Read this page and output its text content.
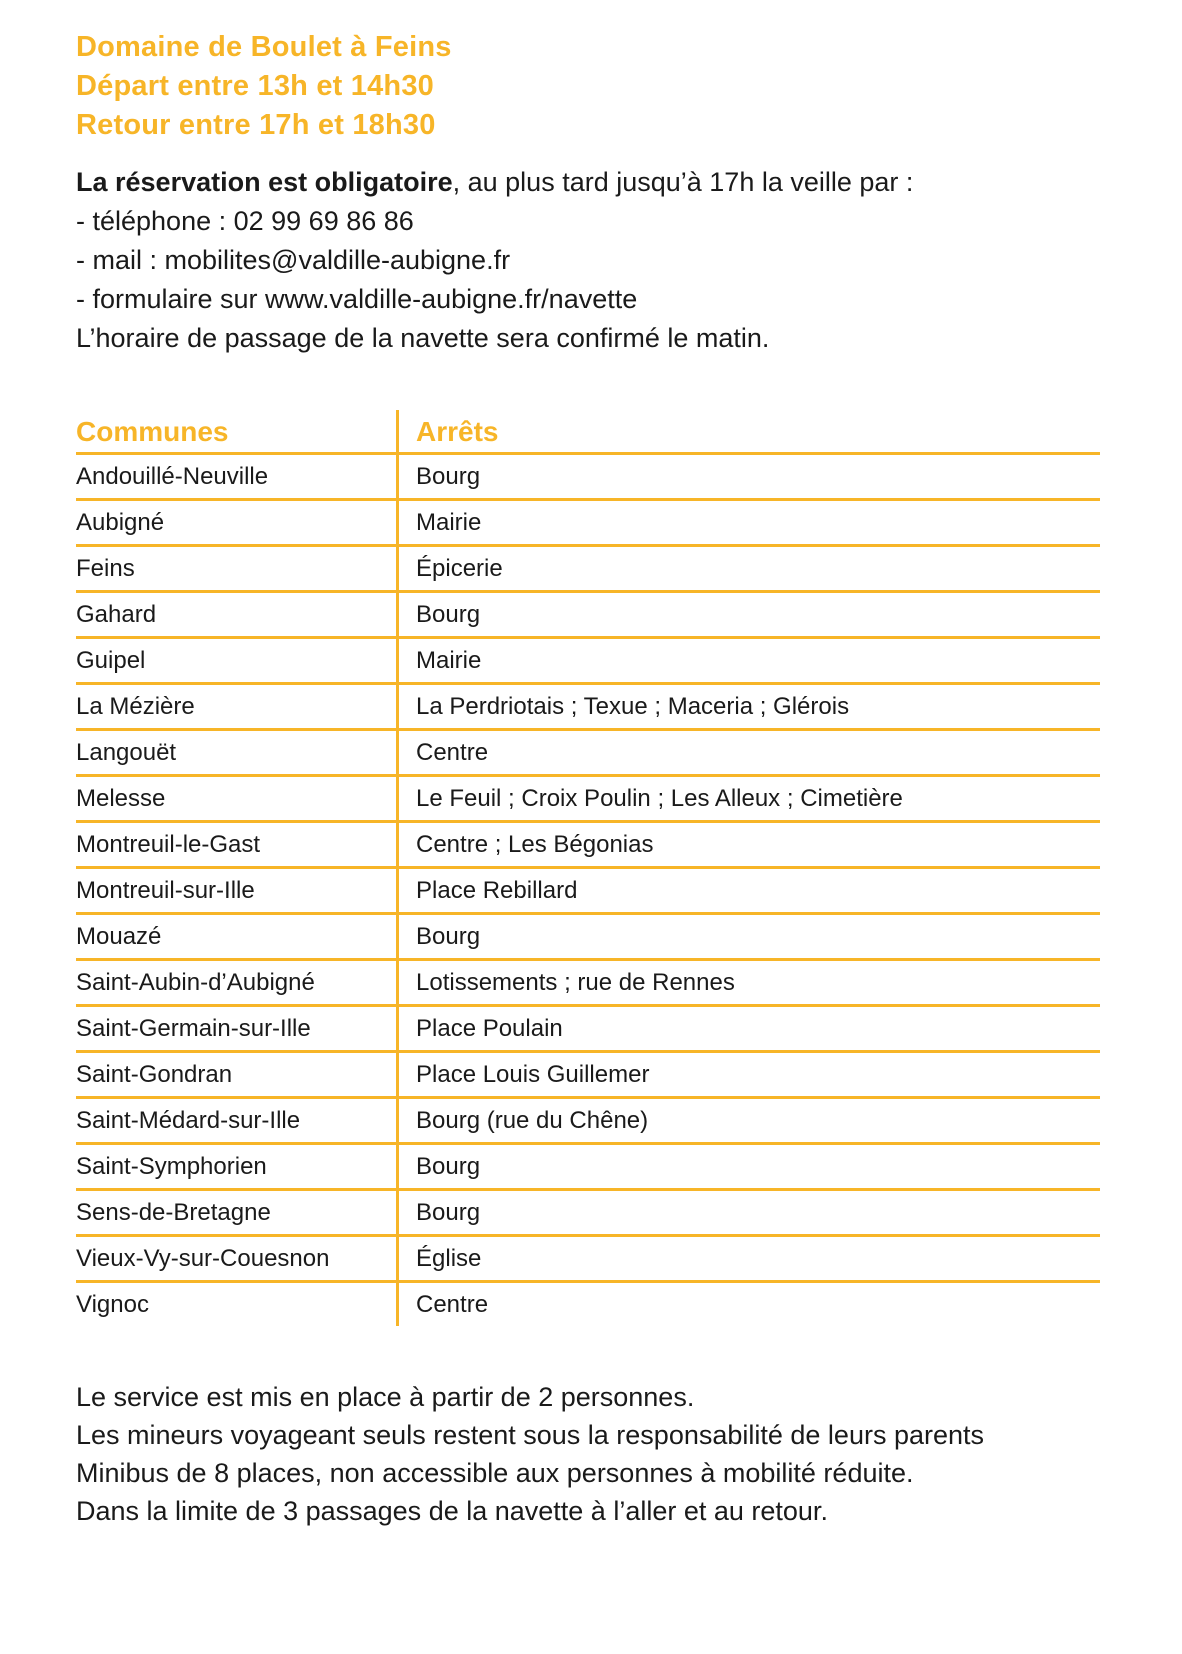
Domaine de Boulet à Feins
Départ entre 13h et 14h30
Retour entre 17h et 18h30

La réservation est obligatoire, au plus tard jusqu’à 17h la veille par :

- téléphone : 02 99 69 86 86

- mail : mobilites@valdille-aubigne.fr

- formulaire sur www.valdille-aubigne.fr/navette

L’horaire de passage de la navette sera confirmé le matin.

Communes	Arrêts
Andouillé-Neuville	Bourg
Aubigné	Mairie
Feins	Épicerie
Gahard	Bourg
Guipel	Mairie
La Mézière	La Perdriotais ; Texue ; Maceria ; Glérois
Langouët	Centre
Melesse	Le Feuil ; Croix Poulin ; Les Alleux ; Cimetière
Montreuil-le-Gast	Centre ; Les Bégonias
Montreuil-sur-Ille	Place Rebillard
Mouazé	Bourg
Saint-Aubin-d’Aubigné	Lotissements ; rue de Rennes
Saint-Germain-sur-Ille	Place Poulain
Saint-Gondran	Place Louis Guillemer
Saint-Médard-sur-Ille	Bourg (rue du Chêne)
Saint-Symphorien	Bourg
Sens-de-Bretagne	Bourg
Vieux-Vy-sur-Couesnon	Église
Vignoc	Centre

Le service est mis en place à partir de 2 personnes.

Les mineurs voyageant seuls restent sous la responsabilité de leurs parents

Minibus de 8 places, non accessible aux personnes à mobilité réduite.

Dans la limite de 3 passages de la navette à l’aller et au retour.
